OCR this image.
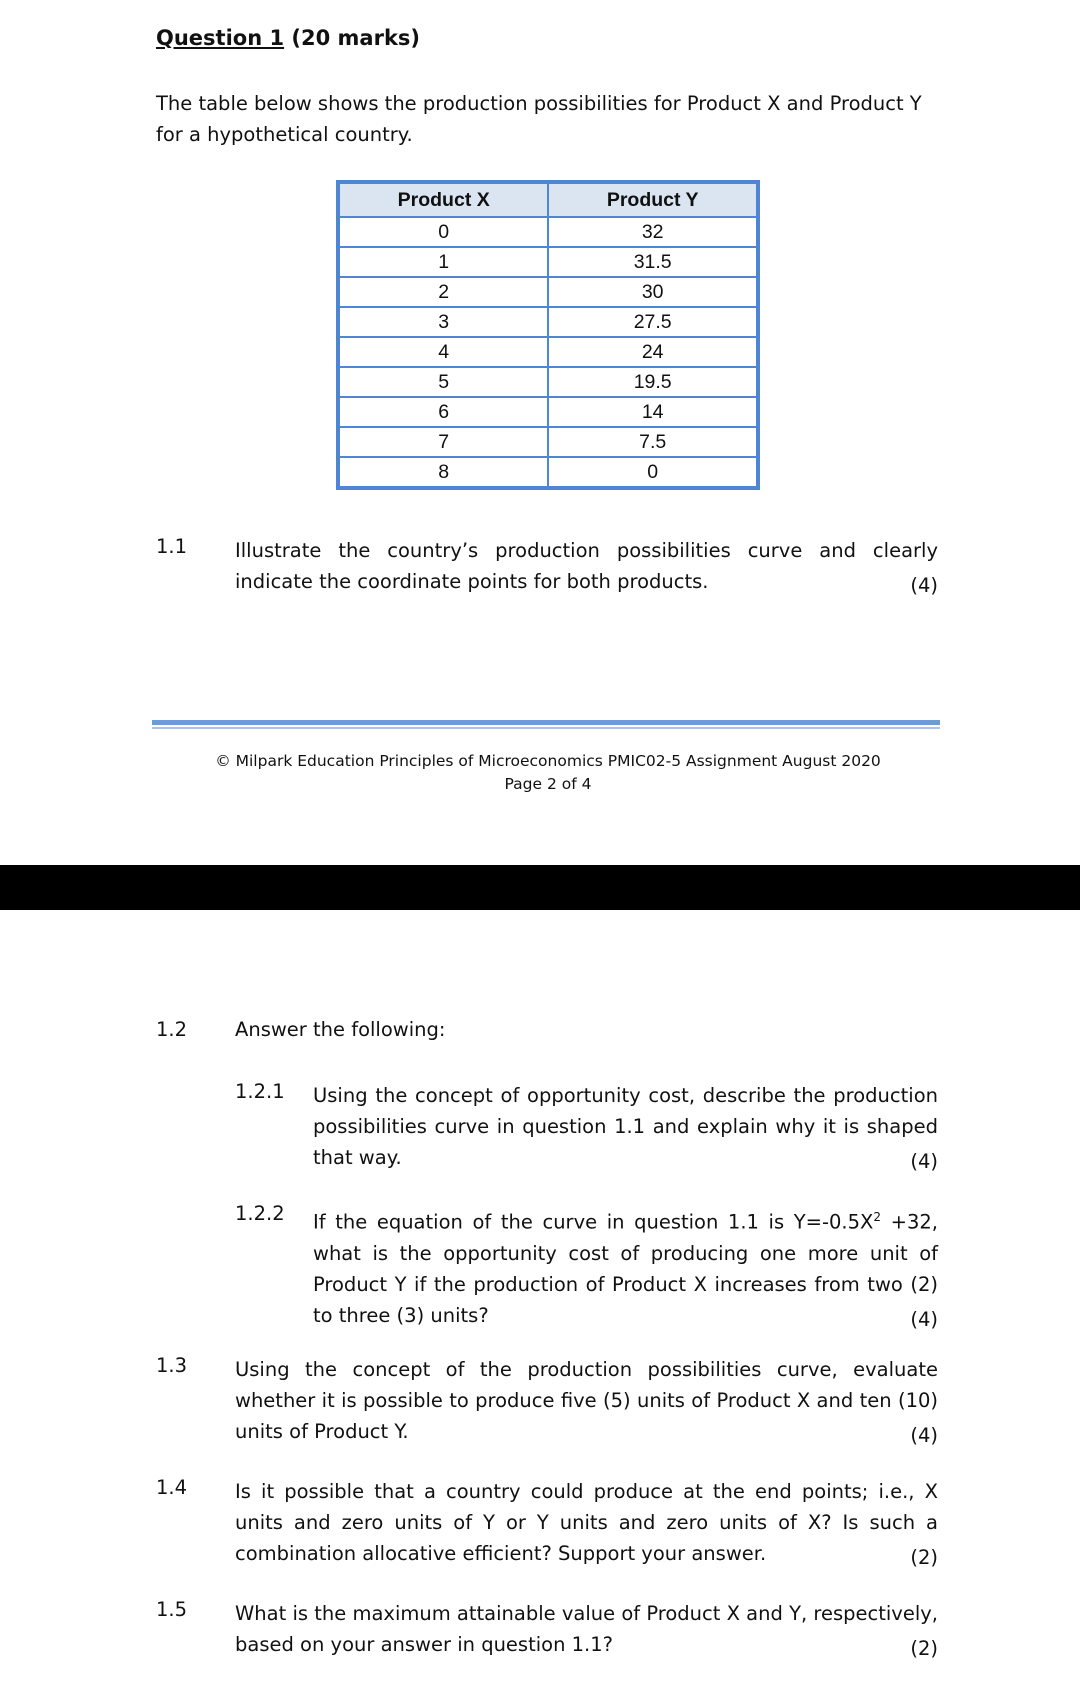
Question 1 (20 marks)
The table below shows the production possibilities for Product X and Product Y for a hypothetical country.
Product X	Product Y
0	32
1	31.5
2	30
3	27.5
4	24
5	19.5
6	14
7	7.5
8	0
1.1 Illustrate the country’s production possibilities curve and clearly indicate the coordinate points for both products.	(4)
© Milpark Education Principles of Microeconomics PMIC02-5 Assignment August 2020
Page 2 of 4
1.2 Answer the following:
1.2.1 Using the concept of opportunity cost, describe the production possibilities curve in question 1.1 and explain why it is shaped that way.	(4)
1.2.2 If the equation of the curve in question 1.1 is $Y=-0.5X^2 +32$, what is the opportunity cost of producing one more unit of Product Y if the production of Product X increases from two (2) to three (3) units?	(4)
1.3 Using the concept of the production possibilities curve, evaluate whether it is possible to produce five (5) units of Product X and ten (10) units of Product Y.	(4)
1.4 Is it possible that a country could produce at the end points; i.e., X units and zero units of Y or Y units and zero units of X? Is such a combination allocative efficient? Support your answer.	(2)
1.5 What is the maximum attainable value of Product X and Y, respectively, based on your answer in question 1.1?	(2)
